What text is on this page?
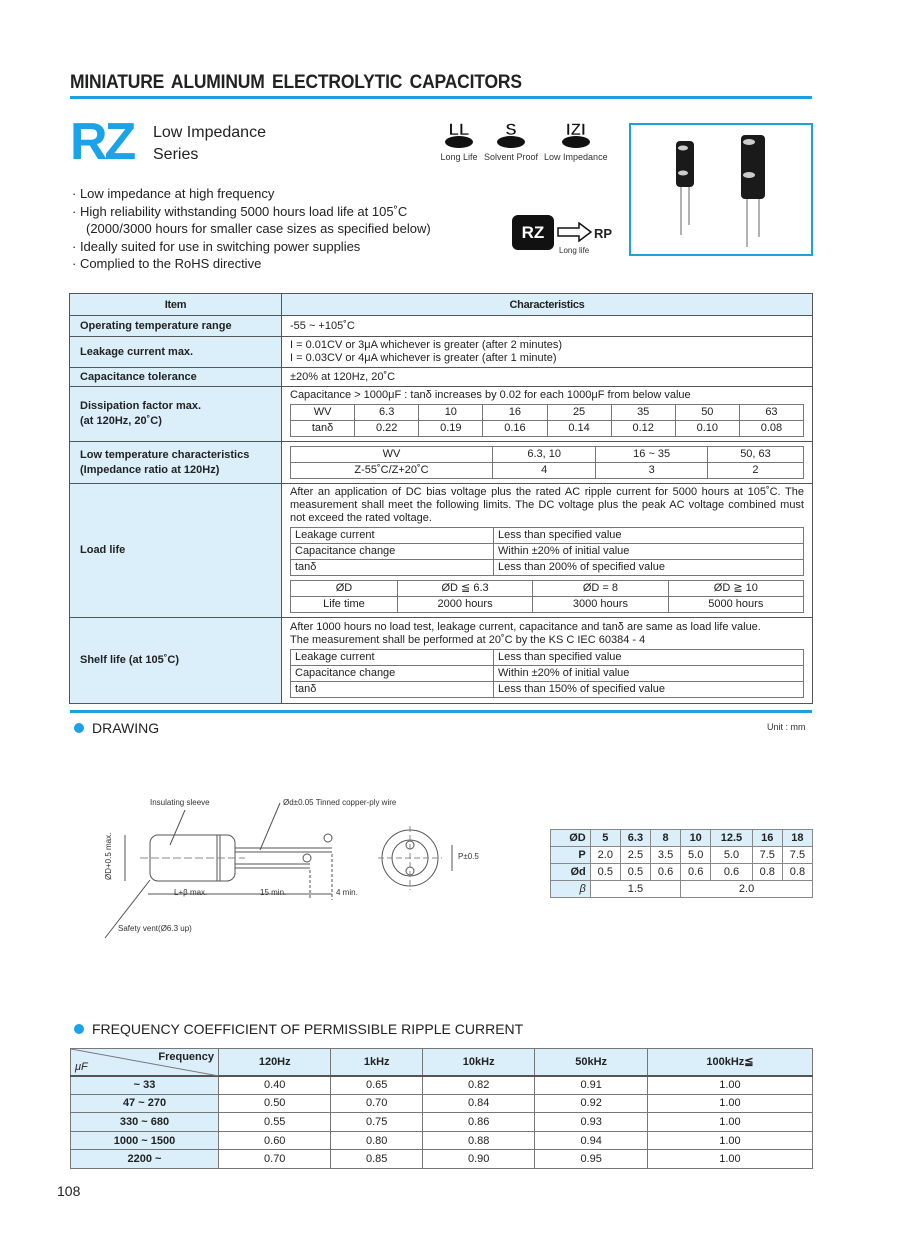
MINIATURE ALUMINUM ELECTROLYTIC CAPACITORS
RZ Low Impedance
Series
LL
Long Life
S
Solvent Proof
IZI
Low Impedance
· Low impedance at high frequency
· High reliability withstanding 5000 hours load life at 105˚C
(2000/3000 hours for smaller case sizes as specified below)
· Ideally suited for use in switching power supplies
· Complied to the RoHS directive
RZ	RP
Long life
Item	Characteristics
Operating temperature range	-55 ~ +105˚C
Leakage current max.	
I = 0.01CV or 3μA whichever is greater (after 2 minutes)
I = 0.03CV or 4μA whichever is greater (after 1 minute)

Capacitance tolerance	±20% at 120Hz, 20˚C

Dissipation factor max.
(at 120Hz, 20˚C)

Capacitance > 1000μF : tanδ increases by 0.02 for each 1000μF from below value
WV	6.3	10	16	25	35	50	63
tanδ	0.22	0.19	0.16	0.14	0.12	0.10	0.08

Low temperature characteristics
(Impedance ratio at 120Hz)

WV	6.3, 10	16 ~ 35	50, 63
Z-55˚C/Z+20˚C	4	3	2

Load life	
After an application of DC bias voltage plus the rated AC ripple current for 5000 hours at 105˚C. The measurement shall meet the following limits. The DC voltage plus the peak AC voltage combined must not exceed the rated voltage.
Leakage current	Less than specified value
Capacitance change	Within ±20% of initial value
tanδ	Less than 200% of specified value
ØD	ØD ≦ 6.3	ØD = 8	ØD ≧ 10
Life time	2000 hours	3000 hours	5000 hours

Shelf life (at 105˚C)	
After 1000 hours no load test, leakage current, capacitance and tanδ are same as load life value.
The measurement shall be performed at 20˚C by the KS C IEC 60384 - 4
Leakage current	Less than specified value
Capacitance change	Within ±20% of initial value
tanδ	Less than 150% of specified value
DRAWING	Unit : mm
Insulating sleeve	Ød±0.05 Tinned copper-ply wire
ØD+0.5 max.
L+β max.	15 min.	4 min.
Safety vent(Ø6.3 up)
P±0.5
ØD	5	6.3	8	10	12.5	16	18
P	2.0	2.5	3.5	5.0	5.0	7.5	7.5
Ød	0.5	0.5	0.6	0.6	0.6	0.8	0.8
β	1.5			2.0			
FREQUENCY COEFFICIENT OF PERMISSIBLE RIPPLE CURRENT
Frequency
μF	120Hz	1kHz	10kHz	50kHz	100kHz≦
~ 33	0.40	0.65	0.82	0.91	1.00
47 ~ 270	0.50	0.70	0.84	0.92	1.00
330 ~ 680	0.55	0.75	0.86	0.93	1.00
1000 ~ 1500	0.60	0.80	0.88	0.94	1.00
2200 ~	0.70	0.85	0.90	0.95	1.00
108
